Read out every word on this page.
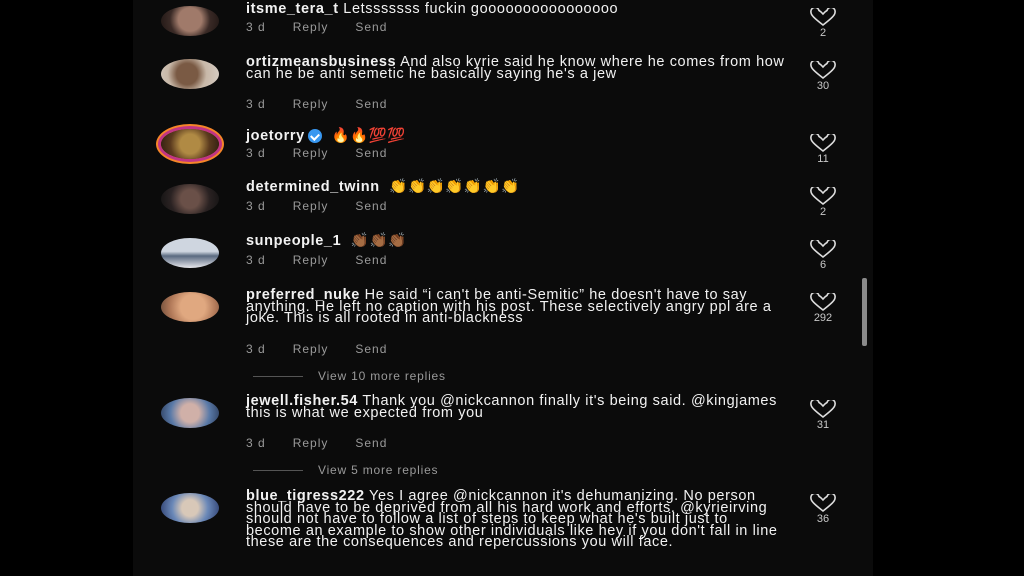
itsme_tera_t Letsssssss fuckin goooooooooooooooo
3 d Reply Send	2
ortizmeansbusiness And also kyrie said he know where he comes from how can he be anti semetic he basically saying he's a jew
3 d Reply Send
30
joetorry 🔥🔥💯💯
3 d Reply Send	11
determined_twinn 👏👏👏👏👏👏👏
3 d Reply Send	2
sunpeople_1 👏🏾👏🏾👏🏾
3 d Reply Send	6
preferred_nuke He said “i can't be anti-Semitic” he doesn't have to say anything. He left no caption with his post. These selectively angry ppl are a joke. This is all rooted in anti-blackness
3 d Reply Send
292
View 10 more replies
jewell.fisher.54 Thank you @nickcannon finally it's being said. @kingjames this is what we expected from you
3 d Reply Send
31
View 5 more replies
blue_tigress222 Yes I agree @nickcannon it's dehumanizing. No person should have to be deprived from all his hard work and efforts. @kyrieirving should not have to follow a list of steps to keep what he's built just to become an example to show other individuals like hey if you don't fall in line these are the consequences and repercussions you will face.
36
